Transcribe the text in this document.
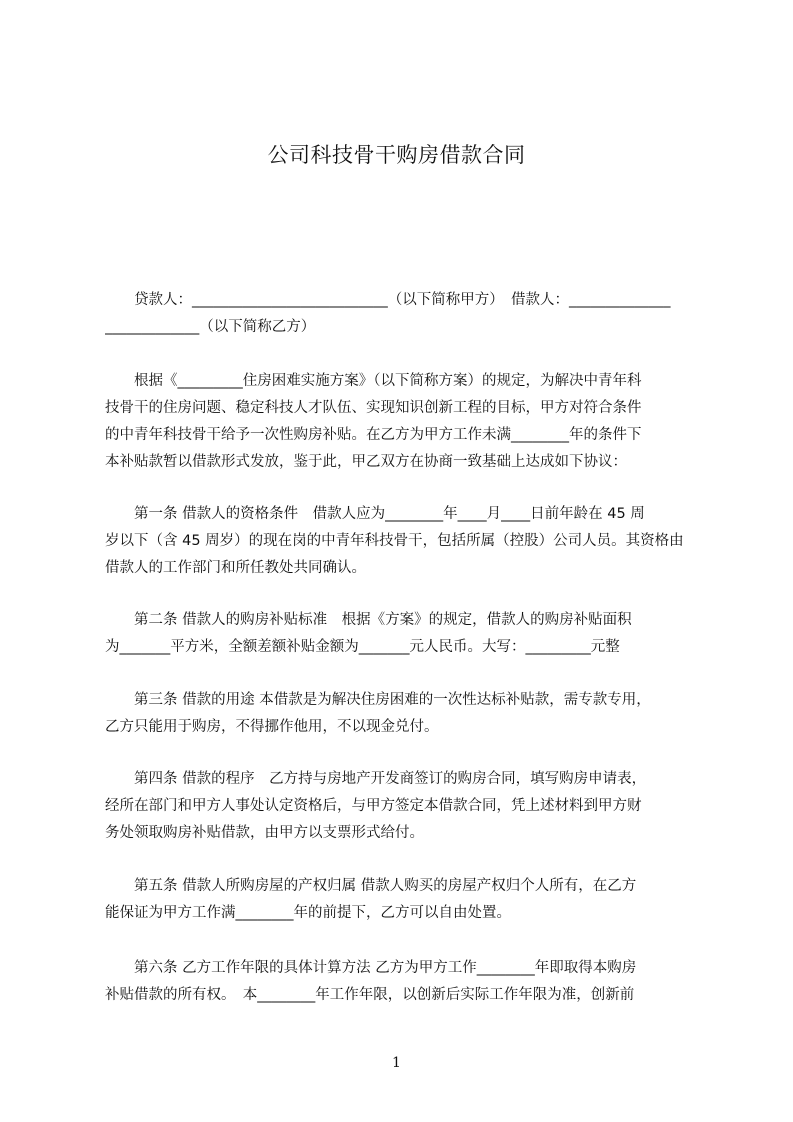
公司科技骨干购房借款合同
　　贷款人：___________________________（以下简称甲方）　借款人：______________
_____________（以下简称乙方）
　　根据《_________住房困难实施方案》（以下简称方案）的规定，为解决中青年科
技骨干的住房问题、稳定科技人才队伍、实现知识创新工程的目标，甲方对符合条件
的中青年科技骨干给予一次性购房补贴。在乙方为甲方工作未满________年的条件下
本补贴款暂以借款形式发放，鉴于此，甲乙双方在协商一致基础上达成如下协议：
　　第一条 借款人的资格条件　借款人应为________年____月____日前年龄在 45 周
岁以下（含 45 周岁）的现在岗的中青年科技骨干，包括所属（控股）公司人员。其资格由
借款人的工作部门和所任教处共同确认。
　　第二条 借款人的购房补贴标准　根据《方案》的规定，借款人的购房补贴面积
为_______平方米，全额差额补贴金额为_______元人民币。大写：_________元整
　　第三条 借款的用途 本借款是为解决住房困难的一次性达标补贴款，需专款专用，
乙方只能用于购房，不得挪作他用，不以现金兑付。
　　第四条 借款的程序　乙方持与房地产开发商签订的购房合同，填写购房申请表，
经所在部门和甲方人事处认定资格后，与甲方签定本借款合同，凭上述材料到甲方财
务处领取购房补贴借款，由甲方以支票形式给付。
　　第五条 借款人所购房屋的产权归属 借款人购买的房屋产权归个人所有，在乙方
能保证为甲方工作满________年的前提下，乙方可以自由处置。
　　第六条 乙方工作年限的具体计算方法 乙方为甲方工作________年即取得本购房
补贴借款的所有权。　本________年工作年限，以创新后实际工作年限为准，创新前
1
